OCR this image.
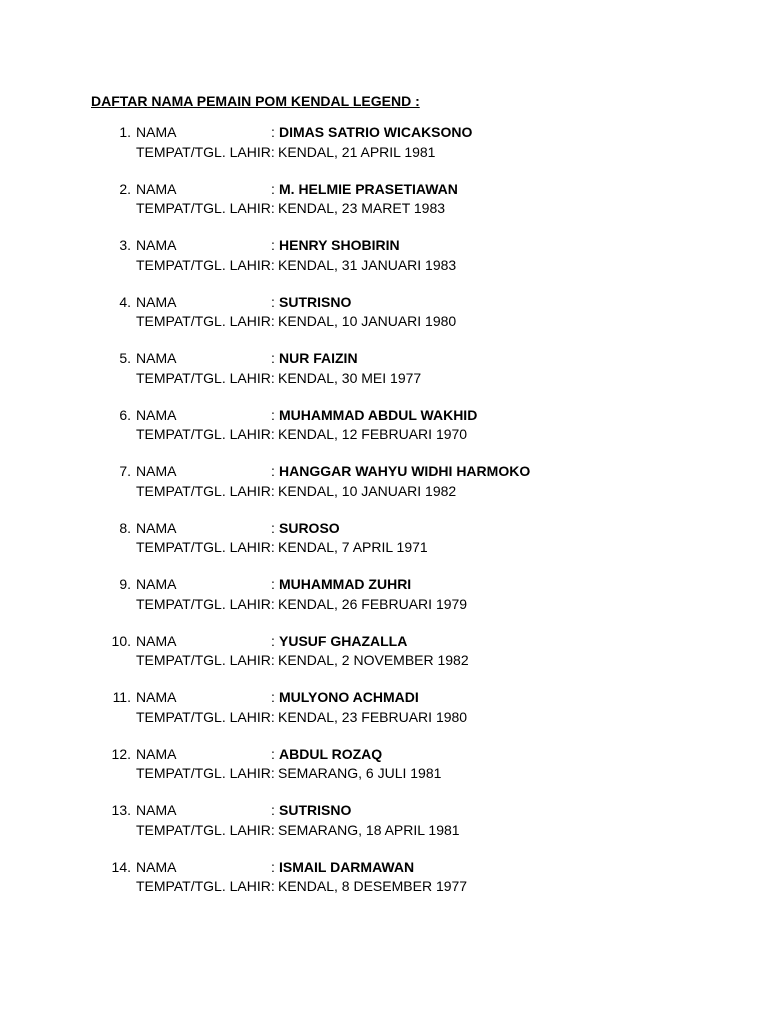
DAFTAR NAMA PEMAIN POM KENDAL LEGEND :
1. NAMA	: DIMAS SATRIO WICAKSONO
TEMPAT/TGL. LAHIR: KENDAL, 21 APRIL 1981
2. NAMA	: M. HELMIE PRASETIAWAN
TEMPAT/TGL. LAHIR: KENDAL, 23 MARET 1983
3. NAMA	: HENRY SHOBIRIN
TEMPAT/TGL. LAHIR: KENDAL, 31 JANUARI 1983
4. NAMA	: SUTRISNO
TEMPAT/TGL. LAHIR: KENDAL, 10 JANUARI 1980
5. NAMA	: NUR FAIZIN
TEMPAT/TGL. LAHIR: KENDAL, 30 MEI 1977
6. NAMA	: MUHAMMAD ABDUL WAKHID
TEMPAT/TGL. LAHIR: KENDAL, 12 FEBRUARI 1970
7. NAMA	: HANGGAR WAHYU WIDHI HARMOKO
TEMPAT/TGL. LAHIR: KENDAL, 10 JANUARI 1982
8. NAMA	: SUROSO
TEMPAT/TGL. LAHIR: KENDAL, 7 APRIL 1971
9. NAMA	: MUHAMMAD ZUHRI
TEMPAT/TGL. LAHIR: KENDAL, 26 FEBRUARI 1979
10. NAMA	: YUSUF GHAZALLA
TEMPAT/TGL. LAHIR: KENDAL, 2 NOVEMBER 1982
11. NAMA	: MULYONO ACHMADI
TEMPAT/TGL. LAHIR: KENDAL, 23 FEBRUARI 1980
12. NAMA	: ABDUL ROZAQ
TEMPAT/TGL. LAHIR: SEMARANG, 6 JULI 1981
13. NAMA	: SUTRISNO
TEMPAT/TGL. LAHIR: SEMARANG, 18 APRIL 1981
14. NAMA	: ISMAIL DARMAWAN
TEMPAT/TGL. LAHIR: KENDAL, 8 DESEMBER 1977
